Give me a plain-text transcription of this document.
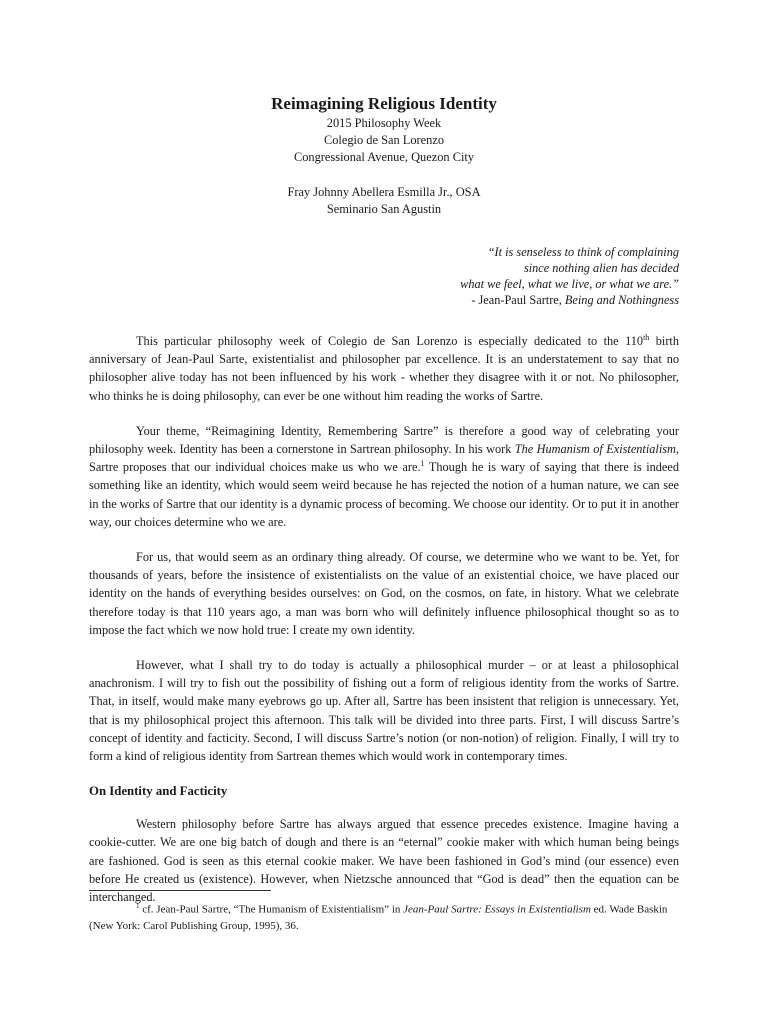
Reimagining Religious Identity
2015 Philosophy Week
Colegio de San Lorenzo
Congressional Avenue, Quezon City
Fray Johnny Abellera Esmilla Jr., OSA
Seminario San Agustin
“It is senseless to think of complaining
since nothing alien has decided
what we feel, what we live, or what we are.”
- Jean-Paul Sartre, Being and Nothingness

This particular philosophy week of Colegio de San Lorenzo is especially dedicated to the 110th birth anniversary of Jean-Paul Sarte, existentialist and philosopher par excellence. It is an understatement to say that no philosopher alive today has not been influenced by his work - whether they disagree with it or not. No philosopher, who thinks he is doing philosophy, can ever be one without him reading the works of Sartre.

Your theme, “Reimagining Identity, Remembering Sartre” is therefore a good way of celebrating your philosophy week. Identity has been a cornerstone in Sartrean philosophy. In his work The Humanism of Existentialism, Sartre proposes that our individual choices make us who we are.$^1$ Though he is wary of saying that there is indeed something like an identity, which would seem weird because he has rejected the notion of a human nature, we can see in the works of Sartre that our identity is a dynamic process of becoming. We choose our identity. Or to put it in another way, our choices determine who we are.

For us, that would seem as an ordinary thing already. Of course, we determine who we want to be. Yet, for thousands of years, before the insistence of existentialists on the value of an existential choice, we have placed our identity on the hands of everything besides ourselves: on God, on the cosmos, on fate, in history. What we celebrate therefore today is that 110 years ago, a man was born who will definitely influence philosophical thought so as to impose the fact which we now hold true: I create my own identity.

However, what I shall try to do today is actually a philosophical murder – or at least a philosophical anachronism. I will try to fish out the possibility of fishing out a form of religious identity from the works of Sartre. That, in itself, would make many eyebrows go up. After all, Sartre has been insistent that religion is unnecessary. Yet, that is my philosophical project this afternoon. This talk will be divided into three parts. First, I will discuss Sartre’s concept of identity and facticity. Second, I will discuss Sartre’s notion (or non-notion) of religion. Finally, I will try to form a kind of religious identity from Sartrean themes which would work in contemporary times.

On Identity and Facticity

Western philosophy before Sartre has always argued that essence precedes existence. Imagine having a cookie-cutter. We are one big batch of dough and there is an “eternal” cookie maker with which human being beings are fashioned. God is seen as this eternal cookie maker. We have been fashioned in God’s mind (our essence) even before He created us (existence). However, when Nietzsche announced that “God is dead” then the equation can be interchanged.

$^1$ cf. Jean-Paul Sartre, “The Humanism of Existentialism” in Jean-Paul Sartre: Essays in Existentialism ed. Wade Baskin (New York: Carol Publishing Group, 1995), 36.
